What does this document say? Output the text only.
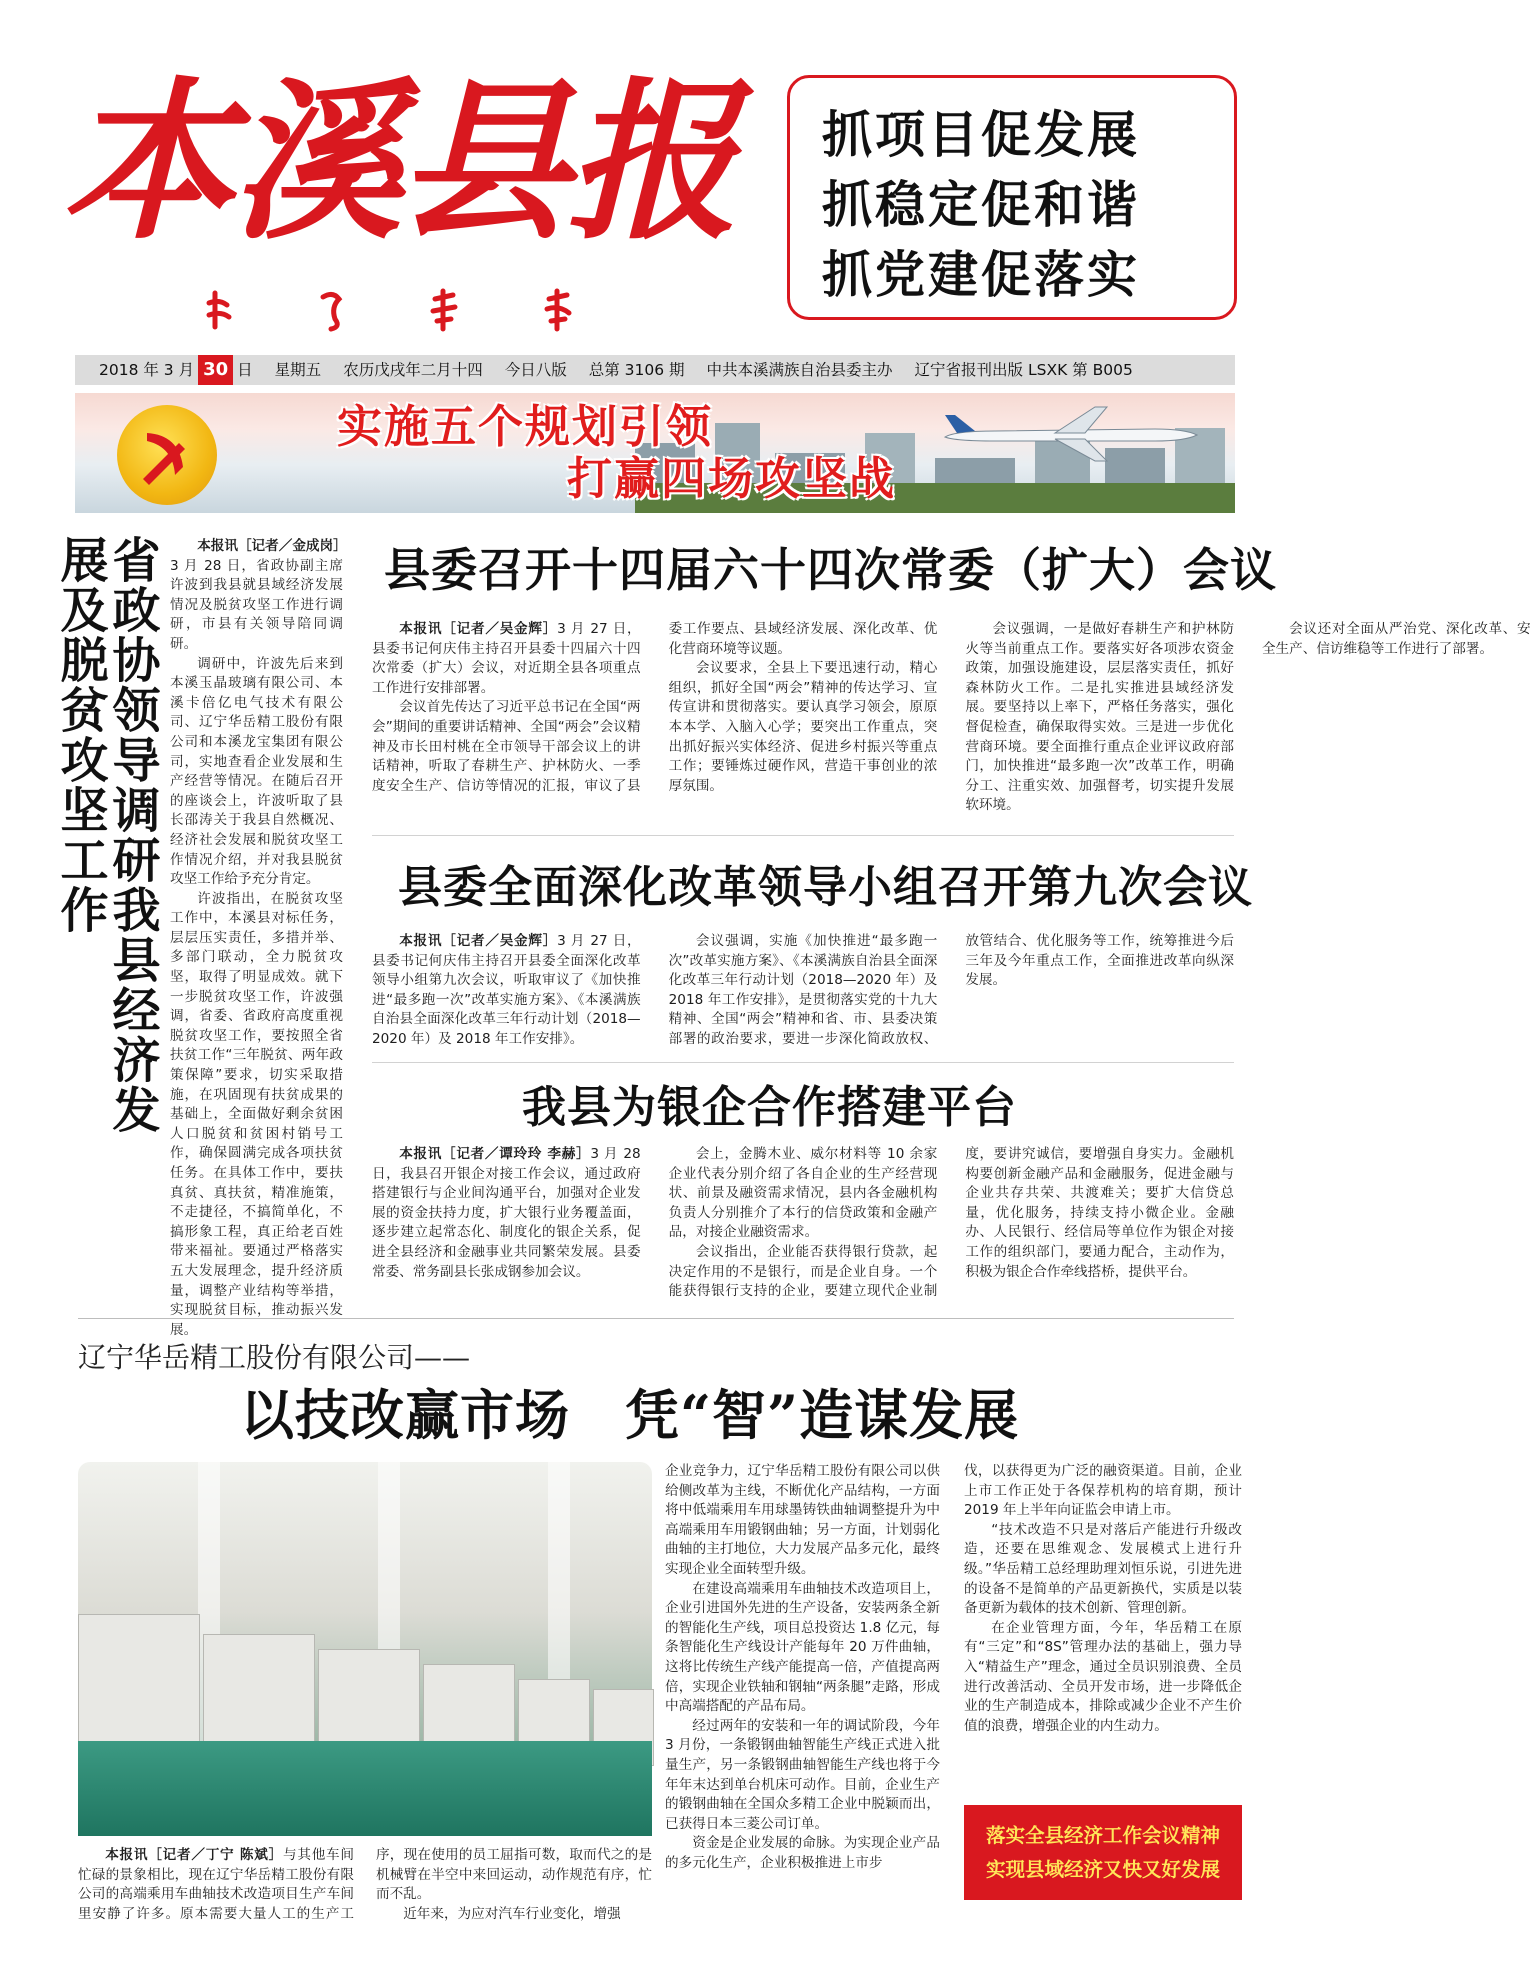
本溪县报 抓项目促发展
抓稳定促和谐
抓党建促落实
2018 年 3 月 30 日 星期五 农历戊戌年二月十四 今日八版 总第 3106 期 中共本溪满族自治县委主办 辽宁省报刊出版 LSXK 第 B005
实施五个规划引领
打赢四场攻坚战
省政协领导调研我县经济发展及脱贫攻坚工作	本报讯［记者／金成岗］3 月 28 日，省政协副主席许波到我县就县域经济发展情况及脱贫攻坚工作进行调研，市县有关领导陪同调研。

调研中，许波先后来到本溪玉晶玻璃有限公司、本溪卡倍亿电气技术有限公司、辽宁华岳精工股份有限公司和本溪龙宝集团有限公司，实地查看企业发展和生产经营等情况。在随后召开的座谈会上，许波听取了县长邵涛关于我县自然概况、经济社会发展和脱贫攻坚工作情况介绍，并对我县脱贫攻坚工作给予充分肯定。

许波指出，在脱贫攻坚工作中，本溪县对标任务，层层压实责任，多措并举、多部门联动，全力脱贫攻坚，取得了明显成效。就下一步脱贫攻坚工作，许波强调，省委、省政府高度重视脱贫攻坚工作，要按照全省扶贫工作“三年脱贫、两年政策保障”要求，切实采取措施，在巩固现有扶贫成果的基础上，全面做好剩余贫困人口脱贫和贫困村销号工作，确保圆满完成各项扶贫任务。在具体工作中，要扶真贫、真扶贫，精准施策，不走捷径，不搞简单化，不搞形象工程，真正给老百姓带来福祉。要通过严格落实五大发展理念，提升经济质量，调整产业结构等举措，实现脱贫目标，推动振兴发展。

县委召开十四届六十四次常委（扩大）会议

本报讯［记者／吴金辉］3 月 27 日，县委书记何庆伟主持召开县委十四届六十四次常委（扩大）会议，对近期全县各项重点工作进行安排部署。

会议首先传达了习近平总书记在全国“两会”期间的重要讲话精神、全国“两会”会议精神及市长田村桃在全市领导干部会议上的讲话精神，听取了春耕生产、护林防火、一季度安全生产、信访等情况的汇报，审议了县委工作要点、县域经济发展、深化改革、优化营商环境等议题。

会议要求，全县上下要迅速行动，精心组织，抓好全国“两会”精神的传达学习、宣传宣讲和贯彻落实。要认真学习领会，原原本本学、入脑入心学；要突出工作重点，突出抓好振兴实体经济、促进乡村振兴等重点工作；要锤炼过硬作风，营造干事创业的浓厚氛围。

会议强调，一是做好春耕生产和护林防火等当前重点工作。要落实好各项涉农资金政策，加强设施建设，层层落实责任，抓好森林防火工作。二是扎实推进县域经济发展。要坚持以上率下，严格任务落实，强化督促检查，确保取得实效。三是进一步优化营商环境。要全面推行重点企业评议政府部门，加快推进“最多跑一次”改革工作，明确分工、注重实效、加强督考，切实提升发展软环境。

会议还对全面从严治党、深化改革、安全生产、信访维稳等工作进行了部署。

县委全面深化改革领导小组召开第九次会议

本报讯［记者／吴金辉］3 月 27 日，县委书记何庆伟主持召开县委全面深化改革领导小组第九次会议，听取审议了《加快推进“最多跑一次”改革实施方案》、《本溪满族自治县全面深化改革三年行动计划（2018—2020 年）及 2018 年工作安排》。

会议强调，实施《加快推进“最多跑一次”改革实施方案》、《本溪满族自治县全面深化改革三年行动计划（2018—2020 年）及 2018 年工作安排》，是贯彻落实党的十九大精神、全国“两会”精神和省、市、县委决策部署的政治要求，要进一步深化简政放权、放管结合、优化服务等工作，统筹推进今后三年及今年重点工作，全面推进改革向纵深发展。

我县为银企合作搭建平台

本报讯［记者／谭玲玲 李赫］3 月 28 日，我县召开银企对接工作会议，通过政府搭建银行与企业间沟通平台，加强对企业发展的资金扶持力度，扩大银行业务覆盖面，逐步建立起常态化、制度化的银企关系，促进全县经济和金融事业共同繁荣发展。县委常委、常务副县长张成钢参加会议。

会上，金腾木业、威尔材料等 10 余家企业代表分别介绍了各自企业的生产经营现状、前景及融资需求情况，县内各金融机构负责人分别推介了本行的信贷政策和金融产品，对接企业融资需求。

会议指出，企业能否获得银行贷款，起决定作用的不是银行，而是企业自身。一个能获得银行支持的企业，要建立现代企业制度，要讲究诚信，要增强自身实力。金融机构要创新金融产品和金融服务，促进金融与企业共存共荣、共渡难关；要扩大信贷总量，优化服务，持续支持小微企业。金融办、人民银行、经信局等单位作为银企对接工作的组织部门，要通力配合，主动作为，积极为银企合作牵线搭桥，提供平台。

辽宁华岳精工股份有限公司——
以技改赢市场　凭“智”造谋发展

企业竞争力，辽宁华岳精工股份有限公司以供给侧改革为主线，不断优化产品结构，一方面将中低端乘用车用球墨铸铁曲轴调整提升为中高端乘用车用锻钢曲轴；另一方面，计划弱化曲轴的主打地位，大力发展产品多元化，最终实现企业全面转型升级。

在建设高端乘用车曲轴技术改造项目上，企业引进国外先进的生产设备，安装两条全新的智能化生产线，项目总投资达 1.8 亿元，每条智能化生产线设计产能每年 20 万件曲轴，这将比传统生产线产能提高一倍，产值提高两倍，实现企业铁轴和钢轴“两条腿”走路，形成中高端搭配的产品布局。

经过两年的安装和一年的调试阶段，今年 3 月份，一条锻钢曲轴智能生产线正式进入批量生产，另一条锻钢曲轴智能生产线也将于今年年末达到单台机床可动作。目前，企业生产的锻钢曲轴在全国众多精工企业中脱颖而出，已获得日本三菱公司订单。

资金是企业发展的命脉。为实现企业产品的多元化生产，企业积极推进上市步

伐，以获得更为广泛的融资渠道。目前，企业上市工作正处于各保荐机构的培育期，预计 2019 年上半年向证监会申请上市。

“技术改造不只是对落后产能进行升级改造，还要在思维观念、发展模式上进行升级。”华岳精工总经理助理刘恒乐说，引进先进的设备不是简单的产品更新换代，实质是以装备更新为载体的技术创新、管理创新。

在企业管理方面，今年，华岳精工在原有“三定”和“8S”管理办法的基础上，强力导入“精益生产”理念，通过全员识别浪费、全员进行改善活动、全员开发市场，进一步降低企业的生产制造成本，排除或减少企业不产生价值的浪费，增强企业的内生动力。

本报讯［记者／丁宁 陈斌］与其他车间忙碌的景象相比，现在辽宁华岳精工股份有限公司的高端乘用车曲轴技术改造项目生产车间里安静了许多。原本需要大量人工的生产工序，现在使用的员工屈指可数，取而代之的是机械臂在半空中来回运动，动作规范有序，忙而不乱。

近年来，为应对汽车行业变化，增强

落实全县经济工作会议精神
实现县域经济又快又好发展
